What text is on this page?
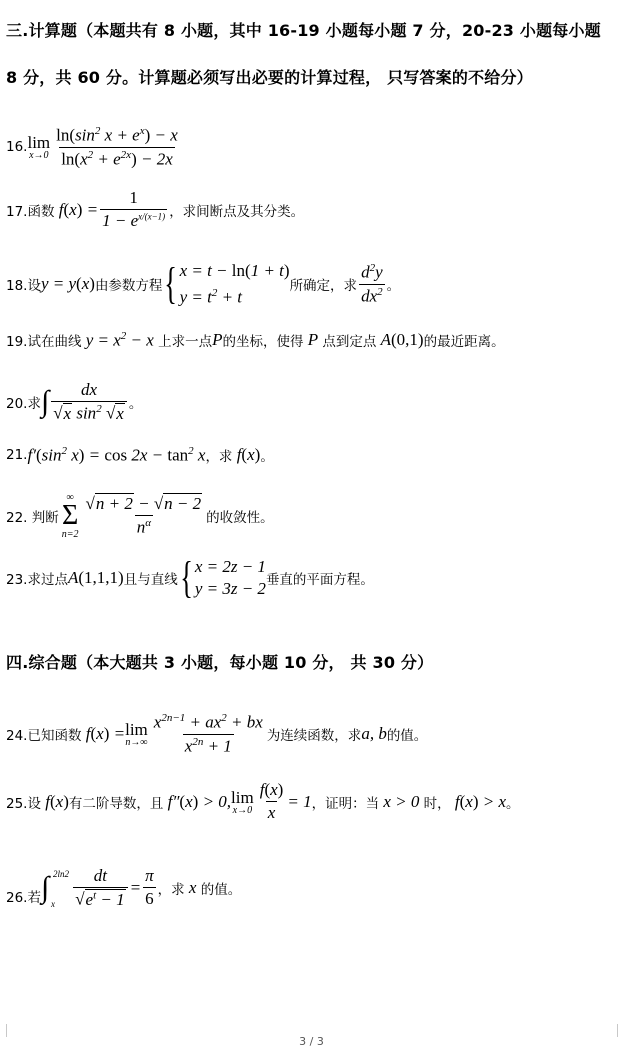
三.计算题（本题共有 8 小题，其中 16-19 小题每小题 7 分，20-23 小题每小题
8 分，共 60 分。计算题必须写出必要的计算过程， 只写答案的不给分）
16. lim
$x\to 0 \frac{\ln(\sin^2 x + e^x) - x}{\ln(x^2 + e^{2x}) - 2x}$
17.函数 $f(x) = \frac{1}{1 - e^{x/(x-1)}}$ ，求间断点及其分类。
18.设 y = y(x) 由参数方程 { x = t − ln(1 + t)
$y = t^2 + t$
所确定，求 $\frac{d^2y}{dx^2}$ 。
19.试在曲线 $y = x^2 - x$ 上求一点 P 的坐标，使得 P 点到定点 A(0,1) 的最近距离。
20.求 ∫ $\frac{dx}{√x \sin^2 √x}$ 。
21. $f'(\sin^2$ $x) = \cos 2x - \tan^2 x$ ，求 f(x) 。
22. 判断
∞
Σ
$n=2 \frac{√n + 2 - √n - 2}{n^\alpha}$ 的收敛性。
23.求过点 A(1,1,1) 且与直线 { x = 2z − 1
y = 3z − 2 垂直的平面方程。
四.综合题（本大题共 3 小题，每小题 10 分， 共 30 分）
24.已知函数 f(x) = lim
$n\to\infty \frac{x^{2n-1} + ax^2 + bx}{x^{2n} + 1}$ 为连续函数，求 a, b 的值。
25.设 f(x) 有二阶导数，且 f″(x) > 0, lim
$x\to 0 \frac{f(x)}{x} = 1$ ，证明：当 x > 0 时， f(x) > x 。
26.若 ∫ 2ln2
x $\frac{dt}{√e^t - 1} = \frac{\pi}{6}$ ，求 x 的值。
3 / 3
